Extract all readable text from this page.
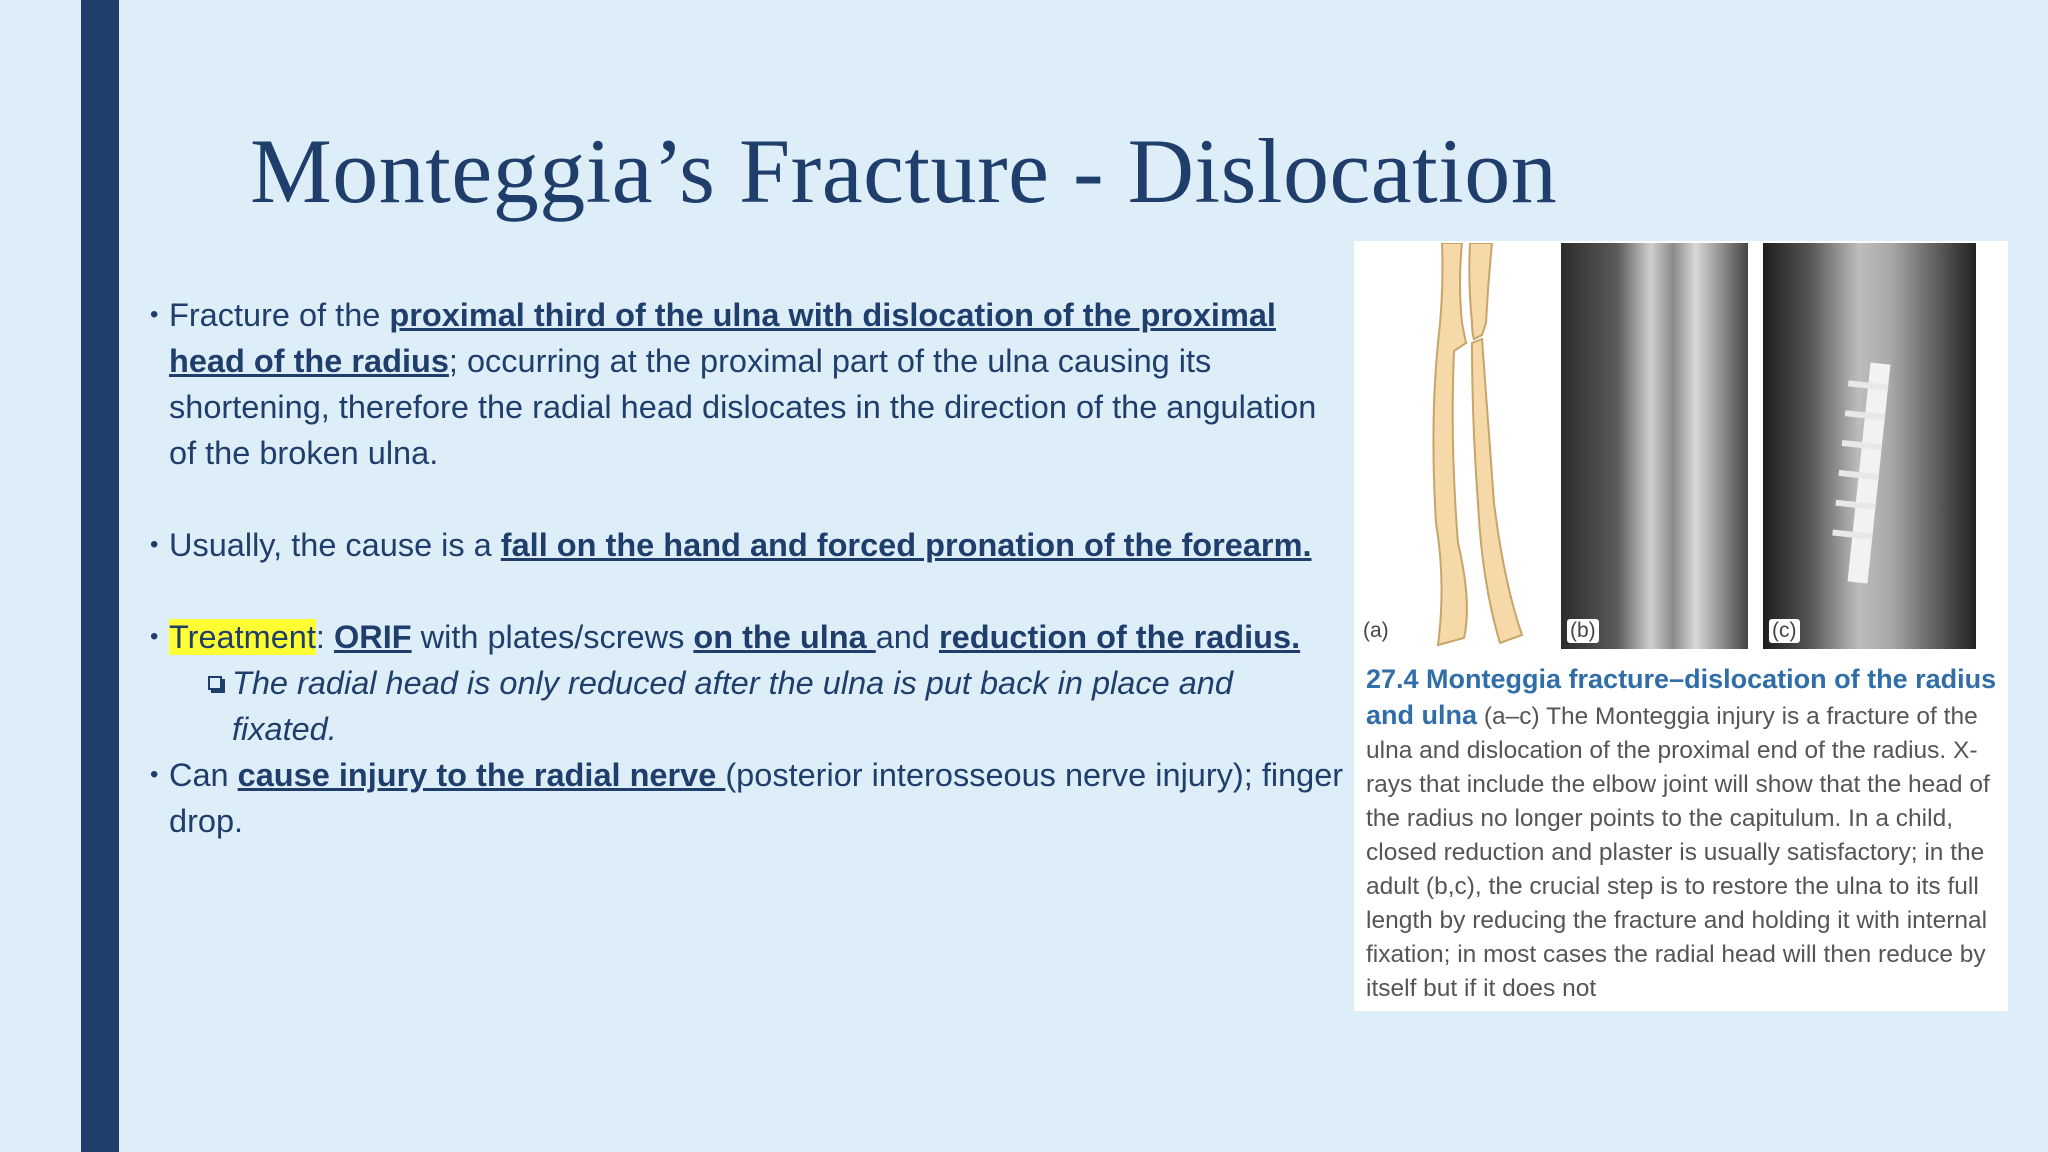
Monteggia’s Fracture - Dislocation

• Fracture of the proximal third of the ulna with dislocation of the proximal head of the radius; occurring at the proximal part of the ulna causing its shortening, therefore the radial head dislocates in the direction of the angulation of the broken ulna.

• Usually, the cause is a fall on the hand and forced pronation of the forearm.

• Treatment: ORIF with plates/screws on the ulna and reduction of the radius.

The radial head is only reduced after the ulna is put back in place and fixated.

• Can cause injury to the radial nerve (posterior interosseous nerve injury); finger drop.

(a)	(b)	(c)
27.4 Monteggia fracture–dislocation of the radius and ulna (a–c) The Monteggia injury is a fracture of the ulna and dislocation of the proximal end of the radius. X-rays that include the elbow joint will show that the head of the radius no longer points to the capitulum. In a child, closed reduction and plaster is usually satisfactory; in the adult (b,c), the crucial step is to restore the ulna to its full length by reducing the fracture and holding it with internal fixation; in most cases the radial head will then reduce by itself but if it does not
